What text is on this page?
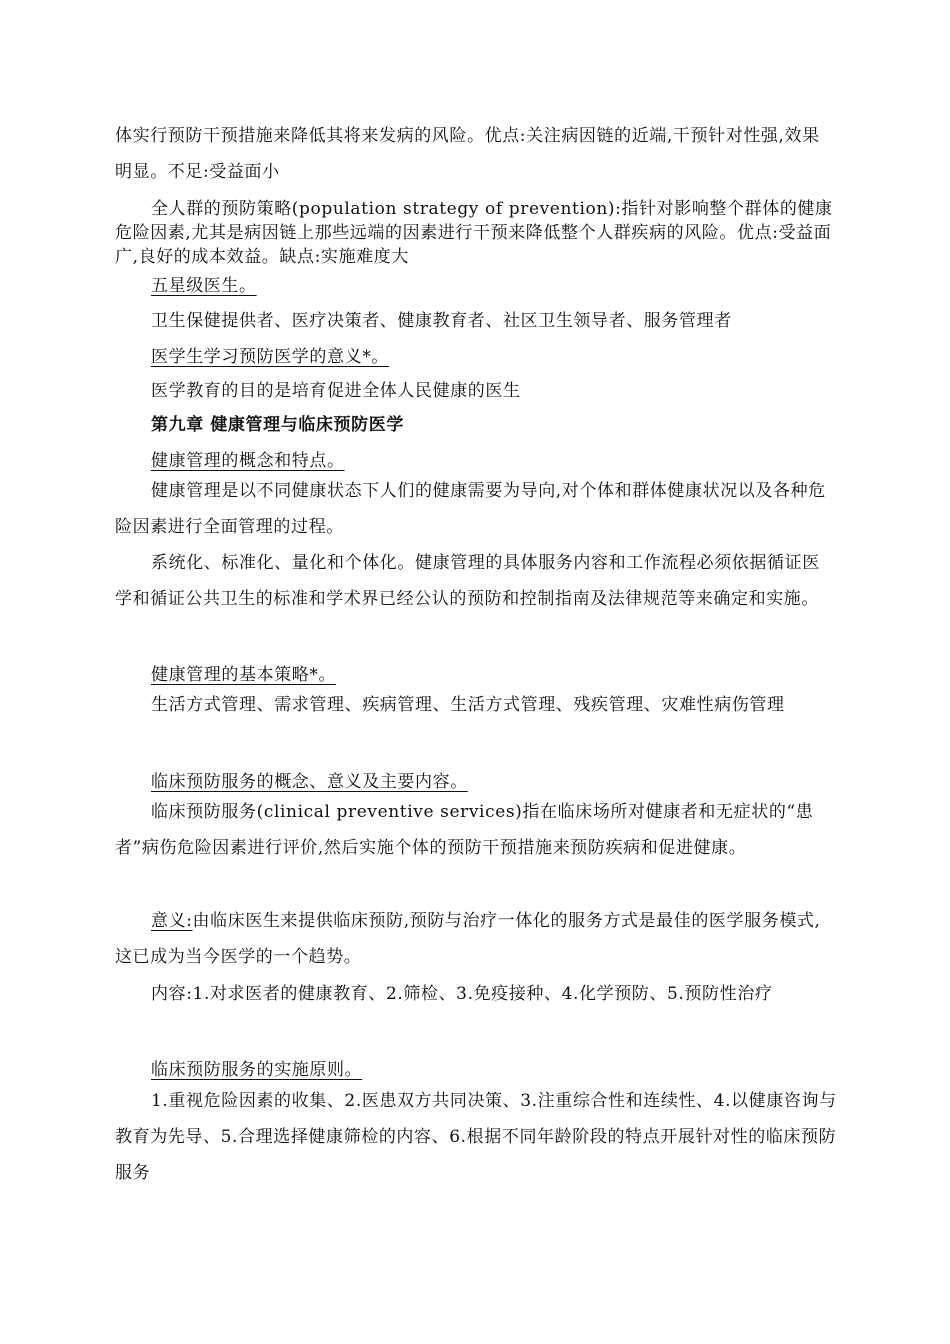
体实行预防干预措施来降低其将来发病的风险。优点:关注病因链的近端,干预针对性强,效果明显。不足:受益面小

全人群的预防策略(population strategy of prevention):指针对影响整个群体的健康危险因素,尤其是病因链上那些远端的因素进行干预来降低整个人群疾病的风险。优点:受益面广,良好的成本效益。缺点:实施难度大

五星级医生。

卫生保健提供者、医疗决策者、健康教育者、社区卫生领导者、服务管理者

医学生学习预防医学的意义*。

医学教育的目的是培育促进全体人民健康的医生

第九章 健康管理与临床预防医学

健康管理的概念和特点。

健康管理是以不同健康状态下人们的健康需要为导向,对个体和群体健康状况以及各种危险因素进行全面管理的过程。

系统化、标准化、量化和个体化。健康管理的具体服务内容和工作流程必须依据循证医学和循证公共卫生的标准和学术界已经公认的预防和控制指南及法律规范等来确定和实施。

健康管理的基本策略*。

生活方式管理、需求管理、疾病管理、生活方式管理、残疾管理、灾难性病伤管理

临床预防服务的概念、意义及主要内容。

临床预防服务(clinical preventive services)指在临床场所对健康者和无症状的“患者”病伤危险因素进行评价,然后实施个体的预防干预措施来预防疾病和促进健康。

意义:由临床医生来提供临床预防,预防与治疗一体化的服务方式是最佳的医学服务模式,这已成为当今医学的一个趋势。

内容:1.对求医者的健康教育、2.筛检、3.免疫接种、4.化学预防、5.预防性治疗

临床预防服务的实施原则。

1.重视危险因素的收集、2.医患双方共同决策、3.注重综合性和连续性、4.以健康咨询与教育为先导、5.合理选择健康筛检的内容、6.根据不同年龄阶段的特点开展针对性的临床预防服务
